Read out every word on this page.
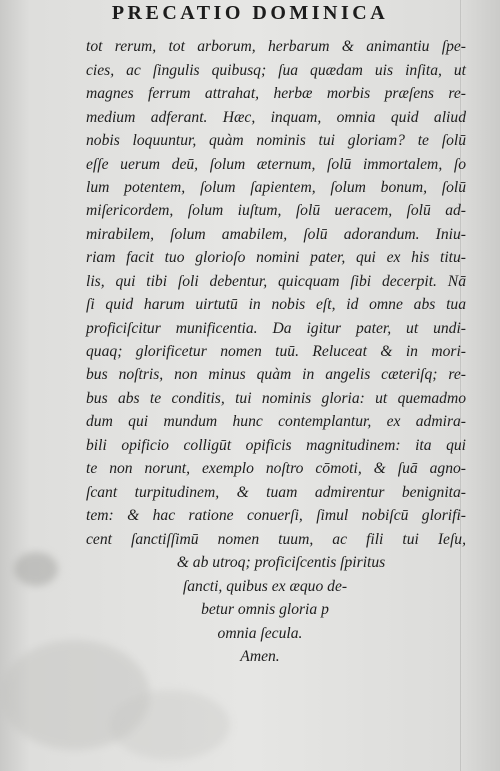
PRECATIO DOMINICA
tot rerum, tot arborum, herbarum & animantiu ſpe-
cies, ac ſingulis quibusq; ſua quædam uis inſita, ut
magnes ferrum attrahat, herbæ morbis præſens re-
medium adferant. Hæc, inquam, omnia quid aliud
nobis loquuntur, quàm nominis tui gloriam? te ſolū
eſſe uerum deū, ſolum æternum, ſolū immortalem, ſo
lum potentem, ſolum ſapientem, ſolum bonum, ſolū
miſericordem, ſolum iuſtum, ſolū ueracem, ſolū ad-
mirabilem, ſolum amabilem, ſolū adorandum. Iniu-
riam facit tuo glorioſo nomini pater, qui ex his titu-
lis, qui tibi ſoli debentur, quicquam ſibi decerpit. Nā
ſi quid harum uirtutū in nobis eſt, id omne abs tua
proficiſcitur munificentia. Da igitur pater, ut undi-
quaq; glorificetur nomen tuū. Reluceat & in mori-
bus noſtris, non minus quàm in angelis cæteriſq; re-
bus abs te conditis, tui nominis gloria: ut quemadmo
dum qui mundum hunc contemplantur, ex admira-
bili opificio colligūt opificis magnitudinem: ita qui
te non norunt, exemplo noſtro cōmoti, & ſuā agno-
ſcant turpitudinem, & tuam admirentur benignita-
tem: & hac ratione conuerſi, ſimul nobiſcū glorifi-
cent ſanctiſſimū nomen tuum, ac fili tui Ieſu,
& ab utroq; proficiſcentis ſpiritus
ſancti, quibus ex æquo de-
betur omnis gloria p
omnia ſecula.
Amen.
